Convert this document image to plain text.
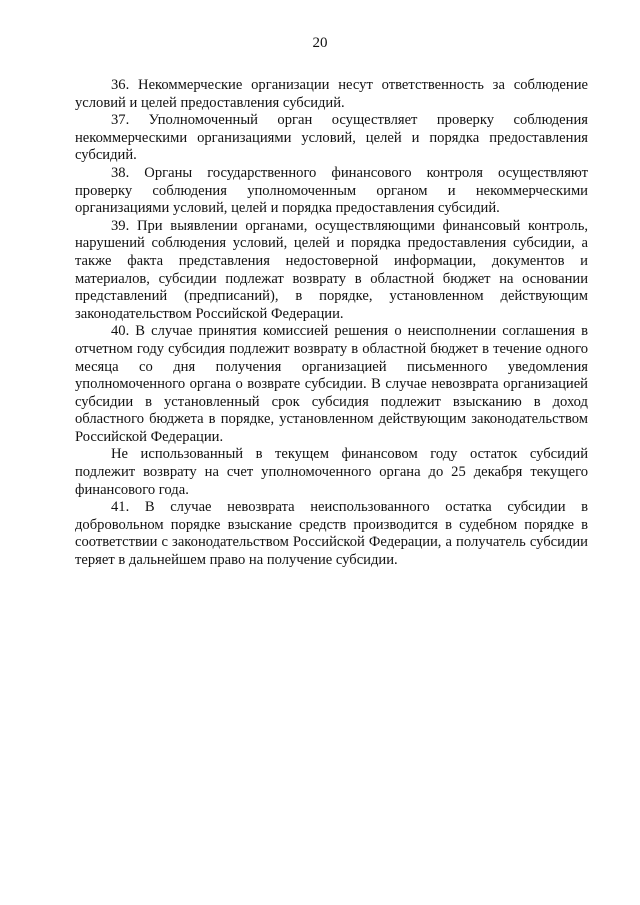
20

36. Некоммерческие организации несут ответственность за соблюдение условий и целей предоставления субсидий.

37. Уполномоченный орган осуществляет проверку соблюдения некоммерческими организациями условий, целей и порядка предоставления субсидий.

38. Органы государственного финансового контроля осуществляют проверку соблюдения уполномоченным органом и некоммерческими организациями условий, целей и порядка предоставления субсидий.

39. При выявлении органами, осуществляющими финансовый контроль, нарушений соблюдения условий, целей и порядка предоставления субсидии, а также факта представления недостоверной информации, документов и материалов, субсидии подлежат возврату в областной бюджет на основании представлений (предписаний), в порядке, установленном действующим законодательством Российской Федерации.

40. В случае принятия комиссией решения о неисполнении соглашения в отчетном году субсидия подлежит возврату в областной бюджет в течение одного месяца со дня получения организацией письменного уведомления уполномоченного органа о возврате субсидии. В случае невозврата организацией субсидии в установленный срок субсидия подлежит взысканию в доход областного бюджета в порядке, установленном действующим законодательством Российской Федерации.

Не использованный в текущем финансовом году остаток субсидий подлежит возврату на счет уполномоченного органа до 25 декабря текущего финансового года.

41. В случае невозврата неиспользованного остатка субсидии в добровольном порядке взыскание средств производится в судебном порядке в соответствии с законодательством Российской Федерации, а получатель субсидии теряет в дальнейшем право на получение субсидии.
